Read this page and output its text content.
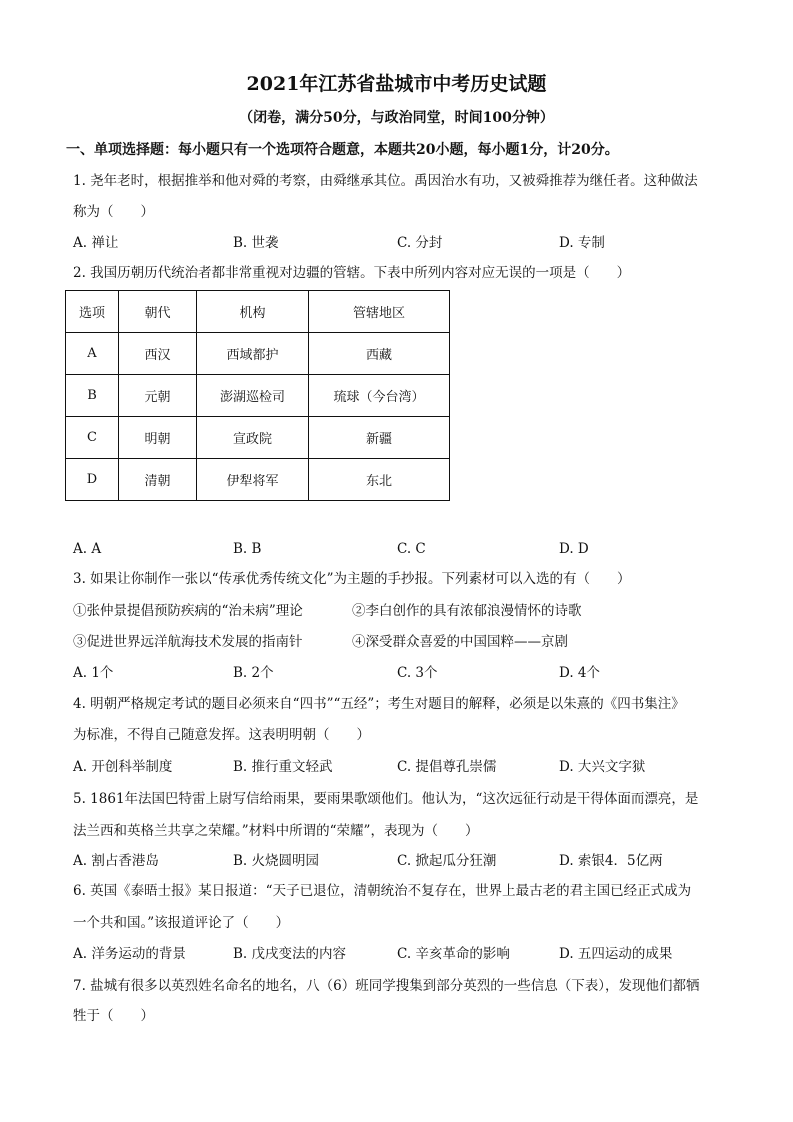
2021年江苏省盐城市中考历史试题
（闭卷，满分50分，与政治同堂，时间100分钟）
一、单项选择题：每小题只有一个选项符合题意，本题共20小题，每小题1分，计20分。
1. 尧年老时，根据推举和他对舜的考察，由舜继承其位。禹因治水有功，又被舜推荐为继任者。这种做法
称为（　　）
A. 禅让	B. 世袭	C. 分封	D. 专制
2. 我国历朝历代统治者都非常重视对边疆的管辖。下表中所列内容对应无误的一项是（　　）
选项	朝代	机构	管辖地区
A	西汉	西域都护	西藏
B	元朝	澎湖巡检司	琉球（今台湾）
C	明朝	宣政院	新疆
D	清朝	伊犁将军	东北
A. A	B. B	C. C	D. D
3. 如果让你制作一张以“传承优秀传统文化”为主题的手抄报。下列素材可以入选的有（　　）
①张仲景提倡预防疾病的“治未病”理论	②李白创作的具有浓郁浪漫情怀的诗歌
③促进世界远洋航海技术发展的指南针	④深受群众喜爱的中国国粹——京剧
A. 1个	B. 2个	C. 3个	D. 4个
4. 明朝严格规定考试的题目必须来自“四书”“五经”；考生对题目的解释，必须是以朱熹的《四书集注》
为标准，不得自己随意发挥。这表明明朝（　　）
A. 开创科举制度	B. 推行重文轻武	C. 提倡尊孔崇儒	D. 大兴文字狱
5. 1861年法国巴特雷上尉写信给雨果，要雨果歌颂他们。他认为，“这次远征行动是干得体面而漂亮，是
法兰西和英格兰共享之荣耀。”材料中所谓的“荣耀”，表现为（　　）
A. 割占香港岛	B. 火烧圆明园	C. 掀起瓜分狂潮	D. 索银4．5亿两
6. 英国《泰晤士报》某日报道：“天子已退位，清朝统治不复存在，世界上最古老的君主国已经正式成为
一个共和国。”该报道评论了（　　）
A. 洋务运动的背景	B. 戊戌变法的内容	C. 辛亥革命的影响	D. 五四运动的成果
7. 盐城有很多以英烈姓名命名的地名，八（6）班同学搜集到部分英烈的一些信息（下表），发现他们都牺
牲于（　　）
